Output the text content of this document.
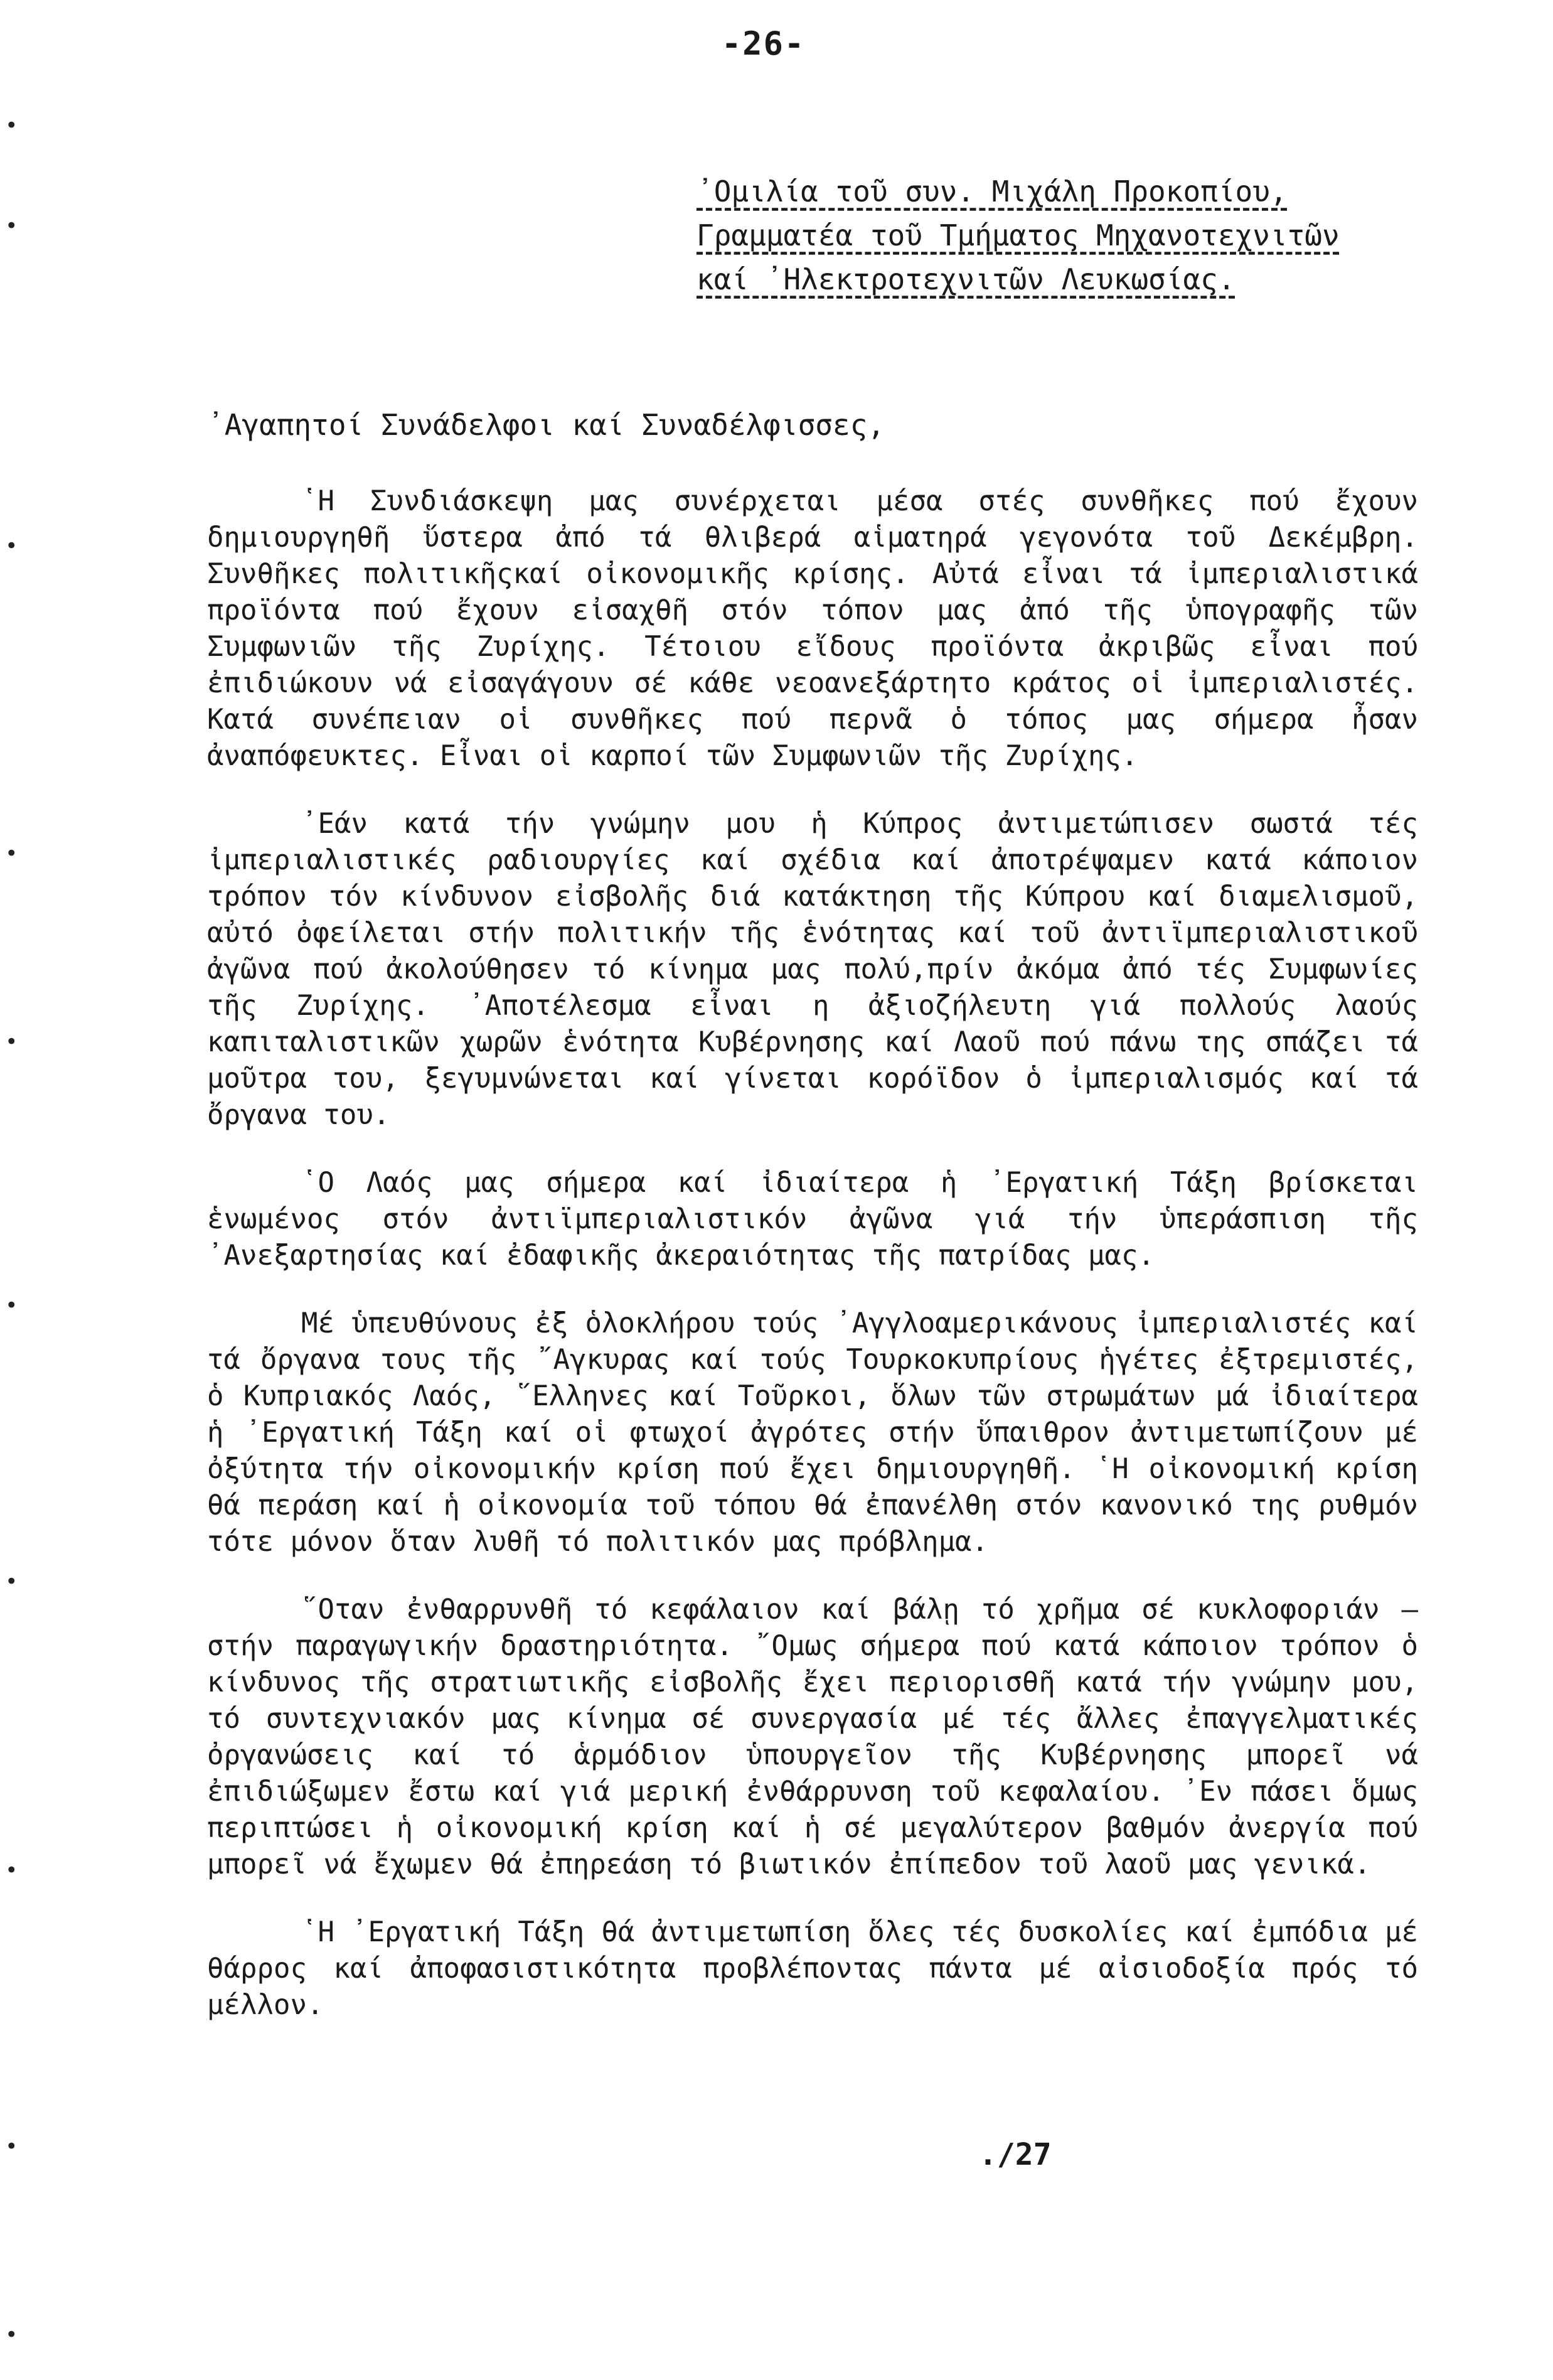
-26-
᾿Ομιλία τοῦ συν. Μιχάλη Προκοπίου,
Γραμματέα τοῦ Τμήματος Μηχανοτεχνιτῶν
καί ᾿Ηλεκτροτεχνιτῶν Λευκωσίας.
᾿Αγαπητοί Συνάδελφοι καί Συναδέλφισσες,

῾Η Συνδιάσκεψη μας συνέρχεται μέσα στές συνθῆκες πού ἔχουν δημιουργηθῆ ὕστερα ἀπό τά θλιβερά αἱματηρά γεγονότα τοῦ Δεκέμβρη. Συνθῆκες πολιτικῆςκαί οἰκονομικῆς κρίσης. Αὐτά εἶναι τά ἰμπεριαλιστικά προϊόντα πού ἔχουν εἰσαχθῆ στόν τόπον μας ἀπό τῆς ὑπογραφῆς τῶν Συμφωνιῶν τῆς Ζυρίχης. Τέτοιου εἴδους προϊόντα ἀκριβῶς εἶναι πού ἐπιδιώκουν νά εἰσαγάγουν σέ κάθε νεοανεξάρτητο κράτος οἱ ἰμπεριαλιστές. Κατά συνέπειαν οἱ συνθῆκες πού περνᾶ ὁ τόπος μας σήμερα ἦσαν ἀναπόφευκτες. Εἶναι οἱ καρποί τῶν Συμφωνιῶν τῆς Ζυρίχης.

᾿Εάν κατά τήν γνώμην μου ἡ Κύπρος ἀντιμετώπισεν σωστά τές ἰμπεριαλιστικές ραδιουργίες καί σχέδια καί ἀποτρέψαμεν κατά κάποιον τρόπον τόν κίνδυνον εἰσβολῆς διά κατάκτηση τῆς Κύπρου καί διαμελισμοῦ, αὐτό ὀφείλεται στήν πολιτικήν τῆς ἑνότητας καί τοῦ ἀντιϊμπεριαλιστικοῦ ἀγῶνα πού ἀκολούθησεν τό κίνημα μας πολύ,πρίν ἀκόμα ἀπό τές Συμφωνίες τῆς Ζυρίχης. ᾿Αποτέλεσμα εἶναι η ἀξιοζήλευτη γιά πολλούς λαούς καπιταλιστικῶν χωρῶν ἑνότητα Κυβέρνησης καί Λαοῦ πού πάνω της σπάζει τά μοῦτρα του, ξεγυμνώνεται καί γίνεται κορόϊδον ὁ ἰμπεριαλισμός καί τά ὄργανα του.

῾Ο Λαός μας σήμερα καί ἰδιαίτερα ἡ ᾿Εργατική Τάξη βρίσκεται ἑνωμένος στόν ἀντιϊμπεριαλιστικόν ἀγῶνα γιά τήν ὑπεράσπιση τῆς ᾿Ανεξαρτησίας καί ἐδαφικῆς ἀκεραιότητας τῆς πατρίδας μας.

Μέ ὑπευθύνους ἐξ ὁλοκλήρου τούς ᾿Αγγλοαμερικάνους ἰμπεριαλιστές καί τά ὄργανα τους τῆς ῎Αγκυρας καί τούς Τουρκοκυπρίους ἡγέτες ἐξτρεμιστές, ὁ Κυπριακός Λαός, ῞Ελληνες καί Τοῦρκοι, ὅλων τῶν στρωμάτων μά ἰδιαίτερα ἡ ᾿Εργατική Τάξη καί οἱ φτωχοί ἀγρότες στήν ὕπαιθρον ἀντιμετωπίζουν μέ ὀξύτητα τήν οἰκονομικήν κρίση πού ἔχει δημιουργηθῆ. ῾Η οἰκονομική κρίση θά περάση καί ἡ οἰκονομία τοῦ τόπου θά ἐπανέλθη στόν κανονικό της ρυθμόν τότε μόνον ὅταν λυθῆ τό πολιτικόν μας πρόβλημα.

῞Οταν ἐνθαρρυνθῆ τό κεφάλαιον καί βάλῃ τό χρῆμα σέ κυκλοφοριάν – στήν παραγωγικήν δραστηριότητα. ῎Ομως σήμερα πού κατά κάποιον τρόπον ὁ κίνδυνος τῆς στρατιωτικῆς εἰσβολῆς ἔχει περιορισθῆ κατά τήν γνώμην μου, τό συντεχνιακόν μας κίνημα σέ συνεργασία μέ τές ἄλλες ἐπαγγελματικές ὀργανώσεις καί τό ἁρμόδιον ὑπουργεῖον τῆς Κυβέρνησης μπορεῖ νά ἐπιδιώξωμεν ἔστω καί γιά μερική ἐνθάρρυνση τοῦ κεφαλαίου. ᾿Εν πάσει ὅμως περιπτώσει ἡ οἰκονομική κρίση καί ἡ σέ μεγαλύτερον βαθμόν ἀνεργία πού μπορεῖ νά ἔχωμεν θά ἐπηρεάση τό βιωτικόν ἐπίπεδον τοῦ λαοῦ μας γενικά.

῾Η ᾿Εργατική Τάξη θά ἀντιμετωπίση ὅλες τές δυσκολίες καί ἐμπόδια μέ θάρρος καί ἀποφασιστικότητα προβλέποντας πάντα μέ αἰσιοδοξία πρός τό μέλλον.

./27
•
•
•
•
•
•
•
•
•
•
